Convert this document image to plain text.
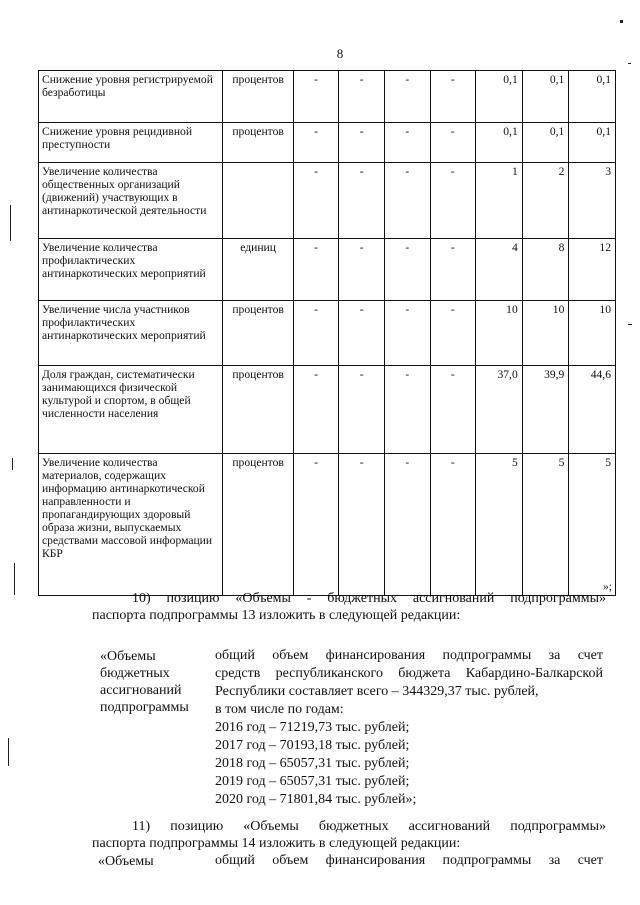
8
Снижение уровня регистрируемой безработицы	процентов	-	-	-	-	0,1	0,1	0,1
Снижение уровня рецидивной преступности	процентов	-	-	-	-	0,1	0,1	0,1
Увеличение количества общественных организаций (движений) участвующих в антинаркотической деятельности		-	-	-	-	1	2	3
Увеличение количества профилактических антинаркотических мероприятий	единиц	-	-	-	-	4	8	12
Увеличение числа участников профилактических антинаркотических мероприятий	процентов	-	-	-	-	10	10	10
Доля граждан, систематически занимающихся физической культурой и спортом, в общей численности населения	процентов	-	-	-	-	37,0	39,9	44,6
Увеличение количества материалов, содержащих информацию антинаркотической направленности и пропагандирующих здоровый образа жизни, выпускаемых средствами массовой информации КБР	процентов	-	-	-	-	5	5	5
»;
10) позицию «Объемы - бюджетных ассигнований подпрограммы»
паспорта подпрограммы 13 изложить в следующей редакции:
«Объемы
бюджетных
ассигнований
подпрограммы
общий объем финансирования подпрограммы за счет
средств республиканского бюджета Кабардино-Балкарской
Республики составляет всего – 344329,37 тыс. рублей,
в том числе по годам:
2016 год – 71219,73 тыс. рублей;
2017 год – 70193,18 тыс. рублей;
2018 год – 65057,31 тыс. рублей;
2019 год – 65057,31 тыс. рублей;
2020 год – 71801,84 тыс. рублей»;
11) позицию «Объемы бюджетных ассигнований подпрограммы»
паспорта подпрограммы 14 изложить в следующей редакции:
«Объемы	общий объем финансирования подпрограммы за счет
